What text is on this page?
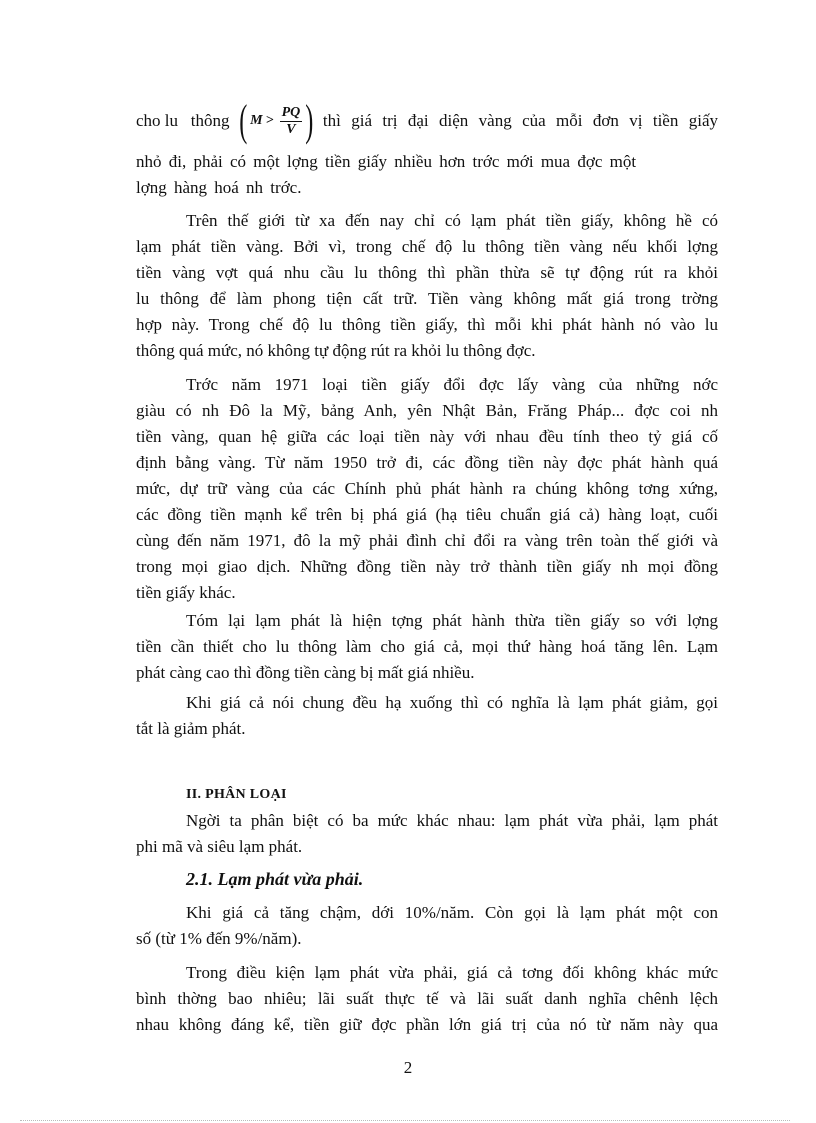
cho lu   thông ( $M > \frac{PQ}{V}$ ) thì giá trị đại diện vàng của mỗi đơn vị tiền giấy
nhỏ đi, phải có một lợng tiền giấy nhiều hơn trớc mới mua đợc một
lợng hàng hoá nh trớc.
Trên thế giới từ xa đến nay chỉ có lạm phát tiền giấy, không hề có
lạm phát tiền vàng. Bởi vì, trong chế độ lu thông tiền vàng nếu khối lợng
tiền vàng vợt quá nhu cầu lu thông thì phần thừa sẽ tự động rút ra khỏi
lu thông để làm phong tiện cất trữ. Tiền vàng không mất giá trong trờng
hợp này. Trong chế độ lu thông tiền giấy, thì mỗi khi phát hành nó vào lu
thông quá mức, nó không tự động rút ra khỏi lu thông đợc.
Trớc năm 1971 loại tiền giấy đổi đợc lấy vàng của những nớc
giàu có nh Đô la Mỹ, bảng Anh, yên Nhật Bản, Frăng Pháp... đợc coi nh
tiền vàng, quan hệ giữa các loại tiền này với nhau đều tính theo tỷ giá cố
định bằng vàng. Từ năm 1950 trở đi, các đồng tiền này đợc phát hành quá
mức, dự trữ vàng của các Chính phủ phát hành ra chúng không tơng xứng,
các đồng tiền mạnh kể trên bị phá giá (hạ tiêu chuẩn giá cả) hàng loạt, cuối
cùng đến năm 1971, đô la mỹ phải đình chỉ đổi ra vàng trên toàn thế giới và
trong mọi giao dịch. Những đồng tiền này trở thành tiền giấy nh mọi đồng
tiền giấy khác.
Tóm lại lạm phát là hiện tợng phát hành thừa tiền giấy so với lợng
tiền cần thiết cho lu thông làm cho giá cả, mọi thứ hàng hoá tăng lên. Lạm
phát càng cao thì đồng tiền càng bị mất giá nhiều.
Khi giá cả nói chung đều hạ xuống thì có nghĩa là lạm phát giảm, gọi
tắt là giảm phát.
II. PHÂN LOẠI
Ngời ta phân biệt có ba mức khác nhau: lạm phát vừa phải, lạm phát
phi mã và siêu lạm phát.
2.1. Lạm phát vừa phải.
Khi giá cả tăng chậm, dới 10%/năm. Còn gọi là lạm phát một con
số (từ 1% đến 9%/năm).
Trong điều kiện lạm phát vừa phải, giá cả tơng đối không khác mức
bình thờng bao nhiêu; lãi suất thực tế và lãi suất danh nghĩa chênh lệch
nhau không đáng kể, tiền giữ đợc phần lớn giá trị của nó từ năm này qua
2
